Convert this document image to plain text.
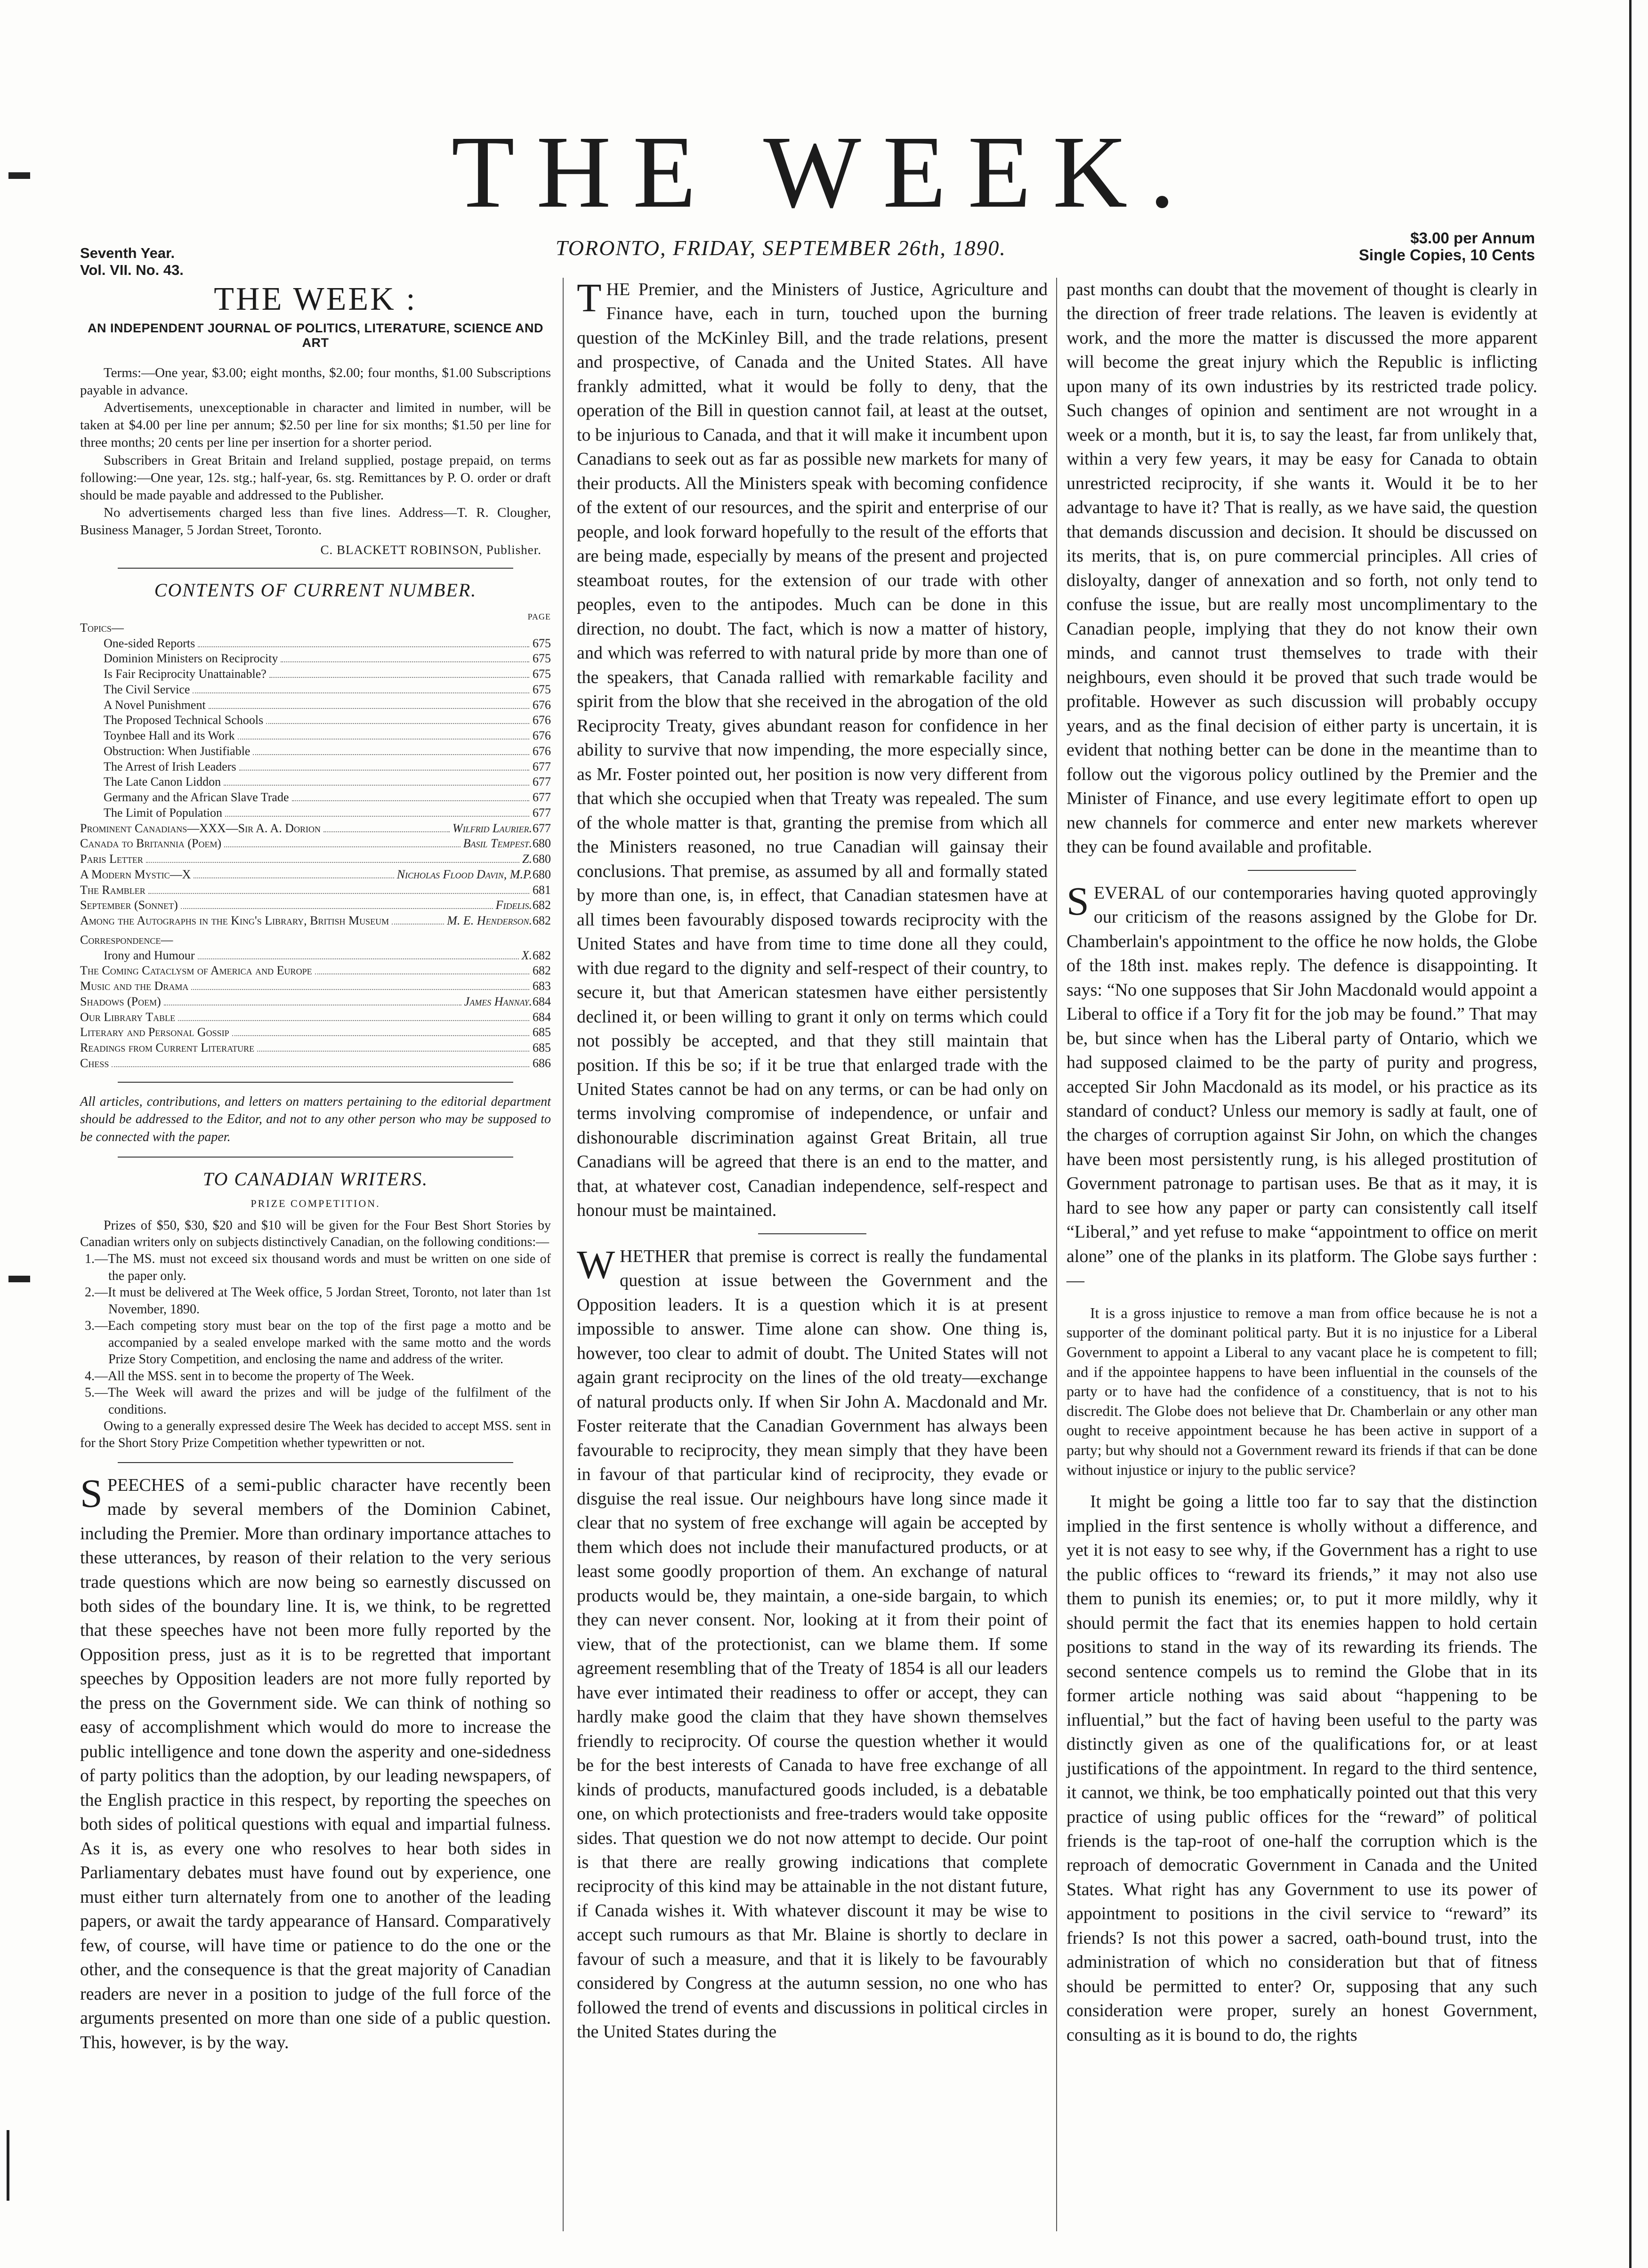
THE WEEK.
Seventh Year.
Vol. VII. No. 43.
TORONTO, FRIDAY, SEPTEMBER 26th, 1890.	$3.00 per Annum
Single Copies, 10 Cents
THE WEEK :
AN INDEPENDENT JOURNAL OF POLITICS, LITERATURE, SCIENCE AND ART

Terms:—One year, $3.00; eight months, $2.00; four months, $1.00 Subscriptions payable in advance.

Advertisements, unexceptionable in character and limited in number, will be taken at $4.00 per line per annum; $2.50 per line for six months; $1.50 per line for three months; 20 cents per line per insertion for a shorter period.

Subscribers in Great Britain and Ireland supplied, postage prepaid, on terms following:—One year, 12s. stg.; half-year, 6s. stg. Remittances by P. O. order or draft should be made payable and addressed to the Publisher.

No advertisements charged less than five lines. Address—T. R. Clougher, Business Manager, 5 Jordan Street, Toronto.

C. BLACKETT ROBINSON, Publisher.
CONTENTS OF CURRENT NUMBER.
PAGE
Topics—
One-sided Reports	675
Dominion Ministers on Reciprocity	675
Is Fair Reciprocity Unattainable?	675
The Civil Service	675
A Novel Punishment	676
The Proposed Technical Schools	676
Toynbee Hall and its Work	676
Obstruction: When Justifiable	676
The Arrest of Irish Leaders	677
The Late Canon Liddon	677
Germany and the African Slave Trade	677
The Limit of Population	677
Prominent Canadians—XXX—Sir A. A. Dorion	Wilfrid Laurier. 677
Canada to Britannia (Poem)	Basil Tempest. 680
Paris Letter	Z. 680
A Modern Mystic—X	Nicholas Flood Davin, M.P. 680
The Rambler	681
September (Sonnet)	Fidelis. 682
Among the Autographs in the King's Library, British Museum	M. E. Henderson. 682
Correspondence—
Irony and Humour	X. 682
The Coming Cataclysm of America and Europe	682
Music and the Drama	683
Shadows (Poem)	James Hannay. 684
Our Library Table	684
Literary and Personal Gossip	685
Readings from Current Literature	685
Chess	686
All articles, contributions, and letters on matters pertaining to the editorial department should be addressed to the Editor, and not to any other person who may be supposed to be connected with the paper.
TO CANADIAN WRITERS.
PRIZE COMPETITION.

Prizes of $50, $30, $20 and $10 will be given for the Four Best Short Stories by Canadian writers only on subjects distinctively Canadian, on the following conditions:—

1.—The MS. must not exceed six thousand words and must be written on one side of the paper only.

2.—It must be delivered at The Week office, 5 Jordan Street, Toronto, not later than 1st November, 1890.

3.—Each competing story must bear on the top of the first page a motto and be accompanied by a sealed envelope marked with the same motto and the words Prize Story Competition, and enclosing the name and address of the writer.

4.—All the MSS. sent in to become the property of The Week.

5.—The Week will award the prizes and will be judge of the fulfilment of the conditions.

Owing to a generally expressed desire The Week has decided to accept MSS. sent in for the Short Story Prize Competition whether typewritten or not.

SPEECHES of a semi-public character have recently been made by several members of the Dominion Cabinet, including the Premier. More than ordinary importance attaches to these utterances, by reason of their relation to the very serious trade questions which are now being so earnestly discussed on both sides of the boundary line. It is, we think, to be regretted that these speeches have not been more fully reported by the Opposition press, just as it is to be regretted that important speeches by Opposition leaders are not more fully reported by the press on the Government side. We can think of nothing so easy of accomplishment which would do more to increase the public intelligence and tone down the asperity and one-sidedness of party politics than the adoption, by our leading newspapers, of the English practice in this respect, by reporting the speeches on both sides of political questions with equal and impartial fulness. As it is, as every one who resolves to hear both sides in Parliamentary debates must have found out by experience, one must either turn alternately from one to another of the leading papers, or await the tardy appearance of Hansard. Comparatively few, of course, will have time or patience to do the one or the other, and the consequence is that the great majority of Canadian readers are never in a position to judge of the full force of the arguments presented on more than one side of a public question. This, however, is by the way.

THE Premier, and the Ministers of Justice, Agriculture and Finance have, each in turn, touched upon the burning question of the McKinley Bill, and the trade relations, present and prospective, of Canada and the United States. All have frankly admitted, what it would be folly to deny, that the operation of the Bill in question cannot fail, at least at the outset, to be injurious to Canada, and that it will make it incumbent upon Canadians to seek out as far as possible new markets for many of their products. All the Ministers speak with becoming confidence of the extent of our resources, and the spirit and enterprise of our people, and look forward hopefully to the result of the efforts that are being made, especially by means of the present and projected steamboat routes, for the extension of our trade with other peoples, even to the antipodes. Much can be done in this direction, no doubt. The fact, which is now a matter of history, and which was referred to with natural pride by more than one of the speakers, that Canada rallied with remarkable facility and spirit from the blow that she received in the abrogation of the old Reciprocity Treaty, gives abundant reason for confidence in her ability to survive that now impending, the more especially since, as Mr. Foster pointed out, her position is now very different from that which she occupied when that Treaty was repealed. The sum of the whole matter is that, granting the premise from which all the Ministers reasoned, no true Canadian will gainsay their conclusions. That premise, as assumed by all and formally stated by more than one, is, in effect, that Canadian statesmen have at all times been favourably disposed towards reciprocity with the United States and have from time to time done all they could, with due regard to the dignity and self-respect of their country, to secure it, but that American statesmen have either persistently declined it, or been willing to grant it only on terms which could not possibly be accepted, and that they still maintain that position. If this be so; if it be true that enlarged trade with the United States cannot be had on any terms, or can be had only on terms involving compromise of independence, or unfair and dishonourable discrimination against Great Britain, all true Canadians will be agreed that there is an end to the matter, and that, at whatever cost, Canadian independence, self-respect and honour must be maintained.

WHETHER that premise is correct is really the fundamental question at issue between the Government and the Opposition leaders. It is a question which it is at present impossible to answer. Time alone can show. One thing is, however, too clear to admit of doubt. The United States will not again grant reciprocity on the lines of the old treaty—exchange of natural products only. If when Sir John A. Macdonald and Mr. Foster reiterate that the Canadian Government has always been favourable to reciprocity, they mean simply that they have been in favour of that particular kind of reciprocity, they evade or disguise the real issue. Our neighbours have long since made it clear that no system of free exchange will again be accepted by them which does not include their manufactured products, or at least some goodly proportion of them. An exchange of natural products would be, they maintain, a one-side bargain, to which they can never consent. Nor, looking at it from their point of view, that of the protectionist, can we blame them. If some agreement resembling that of the Treaty of 1854 is all our leaders have ever intimated their readiness to offer or accept, they can hardly make good the claim that they have shown themselves friendly to reciprocity. Of course the question whether it would be for the best interests of Canada to have free exchange of all kinds of products, manufactured goods included, is a debatable one, on which protectionists and free-traders would take opposite sides. That question we do not now attempt to decide. Our point is that there are really growing indications that complete reciprocity of this kind may be attainable in the not distant future, if Canada wishes it. With whatever discount it may be wise to accept such rumours as that Mr. Blaine is shortly to declare in favour of such a measure, and that it is likely to be favourably considered by Congress at the autumn session, no one who has followed the trend of events and discussions in political circles in the United States during the

past months can doubt that the movement of thought is clearly in the direction of freer trade relations. The leaven is evidently at work, and the more the matter is discussed the more apparent will become the great injury which the Republic is inflicting upon many of its own industries by its restricted trade policy. Such changes of opinion and sentiment are not wrought in a week or a month, but it is, to say the least, far from unlikely that, within a very few years, it may be easy for Canada to obtain unrestricted reciprocity, if she wants it. Would it be to her advantage to have it? That is really, as we have said, the question that demands discussion and decision. It should be discussed on its merits, that is, on pure commercial principles. All cries of disloyalty, danger of annexation and so forth, not only tend to confuse the issue, but are really most uncomplimentary to the Canadian people, implying that they do not know their own minds, and cannot trust themselves to trade with their neighbours, even should it be proved that such trade would be profitable. However as such discussion will probably occupy years, and as the final decision of either party is uncertain, it is evident that nothing better can be done in the meantime than to follow out the vigorous policy outlined by the Premier and the Minister of Finance, and use every legitimate effort to open up new channels for commerce and enter new markets wherever they can be found available and profitable.

SEVERAL of our contemporaries having quoted approvingly our criticism of the reasons assigned by the Globe for Dr. Chamberlain's appointment to the office he now holds, the Globe of the 18th inst. makes reply. The defence is disappointing. It says: “No one supposes that Sir John Macdonald would appoint a Liberal to office if a Tory fit for the job may be found.” That may be, but since when has the Liberal party of Ontario, which we had supposed claimed to be the party of purity and progress, accepted Sir John Macdonald as its model, or his practice as its standard of conduct? Unless our memory is sadly at fault, one of the charges of corruption against Sir John, on which the changes have been most persistently rung, is his alleged prostitution of Government patronage to partisan uses. Be that as it may, it is hard to see how any paper or party can consistently call itself “Liberal,” and yet refuse to make “appointment to office on merit alone” one of the planks in its platform. The Globe says further :—

It is a gross injustice to remove a man from office because he is not a supporter of the dominant political party. But it is no injustice for a Liberal Government to appoint a Liberal to any vacant place he is competent to fill; and if the appointee happens to have been influential in the counsels of the party or to have had the confidence of a constituency, that is not to his discredit. The Globe does not believe that Dr. Chamberlain or any other man ought to receive appointment because he has been active in support of a party; but why should not a Government reward its friends if that can be done without injustice or injury to the public service?

It might be going a little too far to say that the distinction implied in the first sentence is wholly without a difference, and yet it is not easy to see why, if the Government has a right to use the public offices to “reward its friends,” it may not also use them to punish its enemies; or, to put it more mildly, why it should permit the fact that its enemies happen to hold certain positions to stand in the way of its rewarding its friends. The second sentence compels us to remind the Globe that in its former article nothing was said about “happening to be influential,” but the fact of having been useful to the party was distinctly given as one of the qualifications for, or at least justifications of the appointment. In regard to the third sentence, it cannot, we think, be too emphatically pointed out that this very practice of using public offices for the “reward” of political friends is the tap-root of one-half the corruption which is the reproach of democratic Government in Canada and the United States. What right has any Government to use its power of appointment to positions in the civil service to “reward” its friends? Is not this power a sacred, oath-bound trust, into the administration of which no consideration but that of fitness should be permitted to enter? Or, supposing that any such consideration were proper, surely an honest Government, consulting as it is bound to do, the rights
